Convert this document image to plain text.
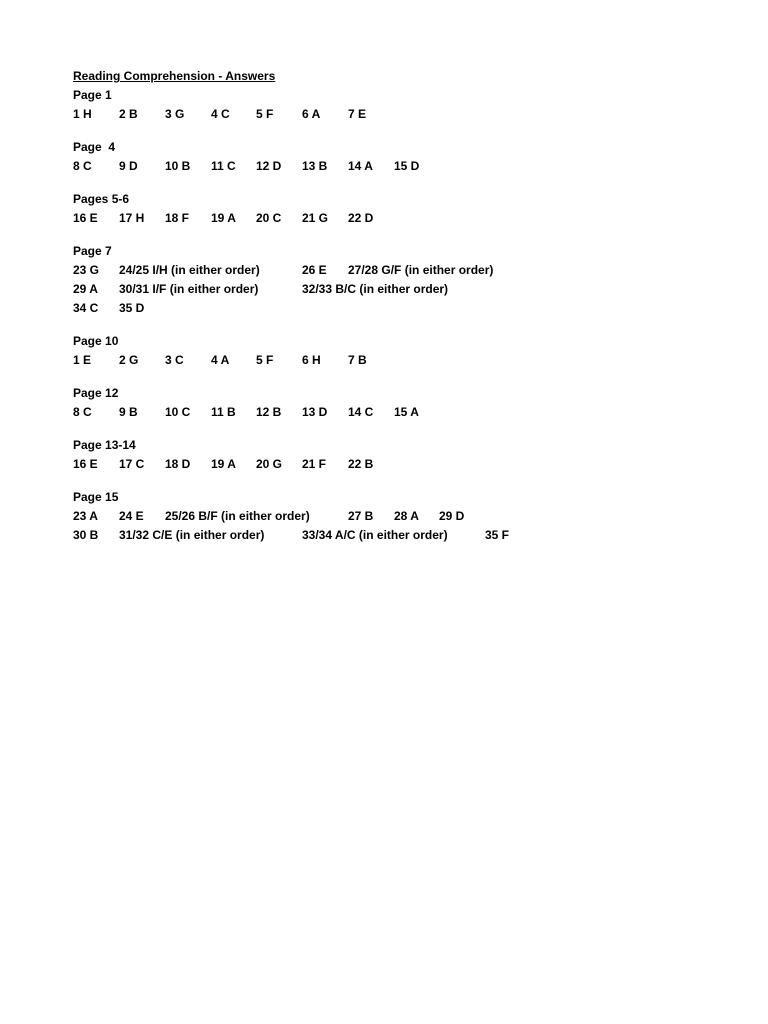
Reading Comprehension - Answers
Page 1
1 H 2 B 3 G 4 C 5 F 6 A 7 E
Page  4
8 C 9 D 10 B 11 C 12 D 13 B 14 A 15 D
Pages 5-6
16 E 17 H 18 F 19 A 20 C 21 G 22 D
Page 7
23 G 24/25 I/H (in either order)	26 E 27/28 G/F (in either order)
29 A 30/31 I/F (in either order)	32/33 B/C (in either order)
34 C 35 D
Page 10
1 E 2 G 3 C 4 A 5 F 6 H 7 B
Page 12
8 C 9 B 10 C 11 B 12 B 13 D 14 C 15 A
Page 13-14
16 E 17 C 18 D 19 A 20 G 21 F 22 B
Page 15
23 A 24 E 25/26 B/F (in either order)	27 B 28 A 29 D
30 B 31/32 C/E (in either order)	33/34 A/C (in either order)	35 F
